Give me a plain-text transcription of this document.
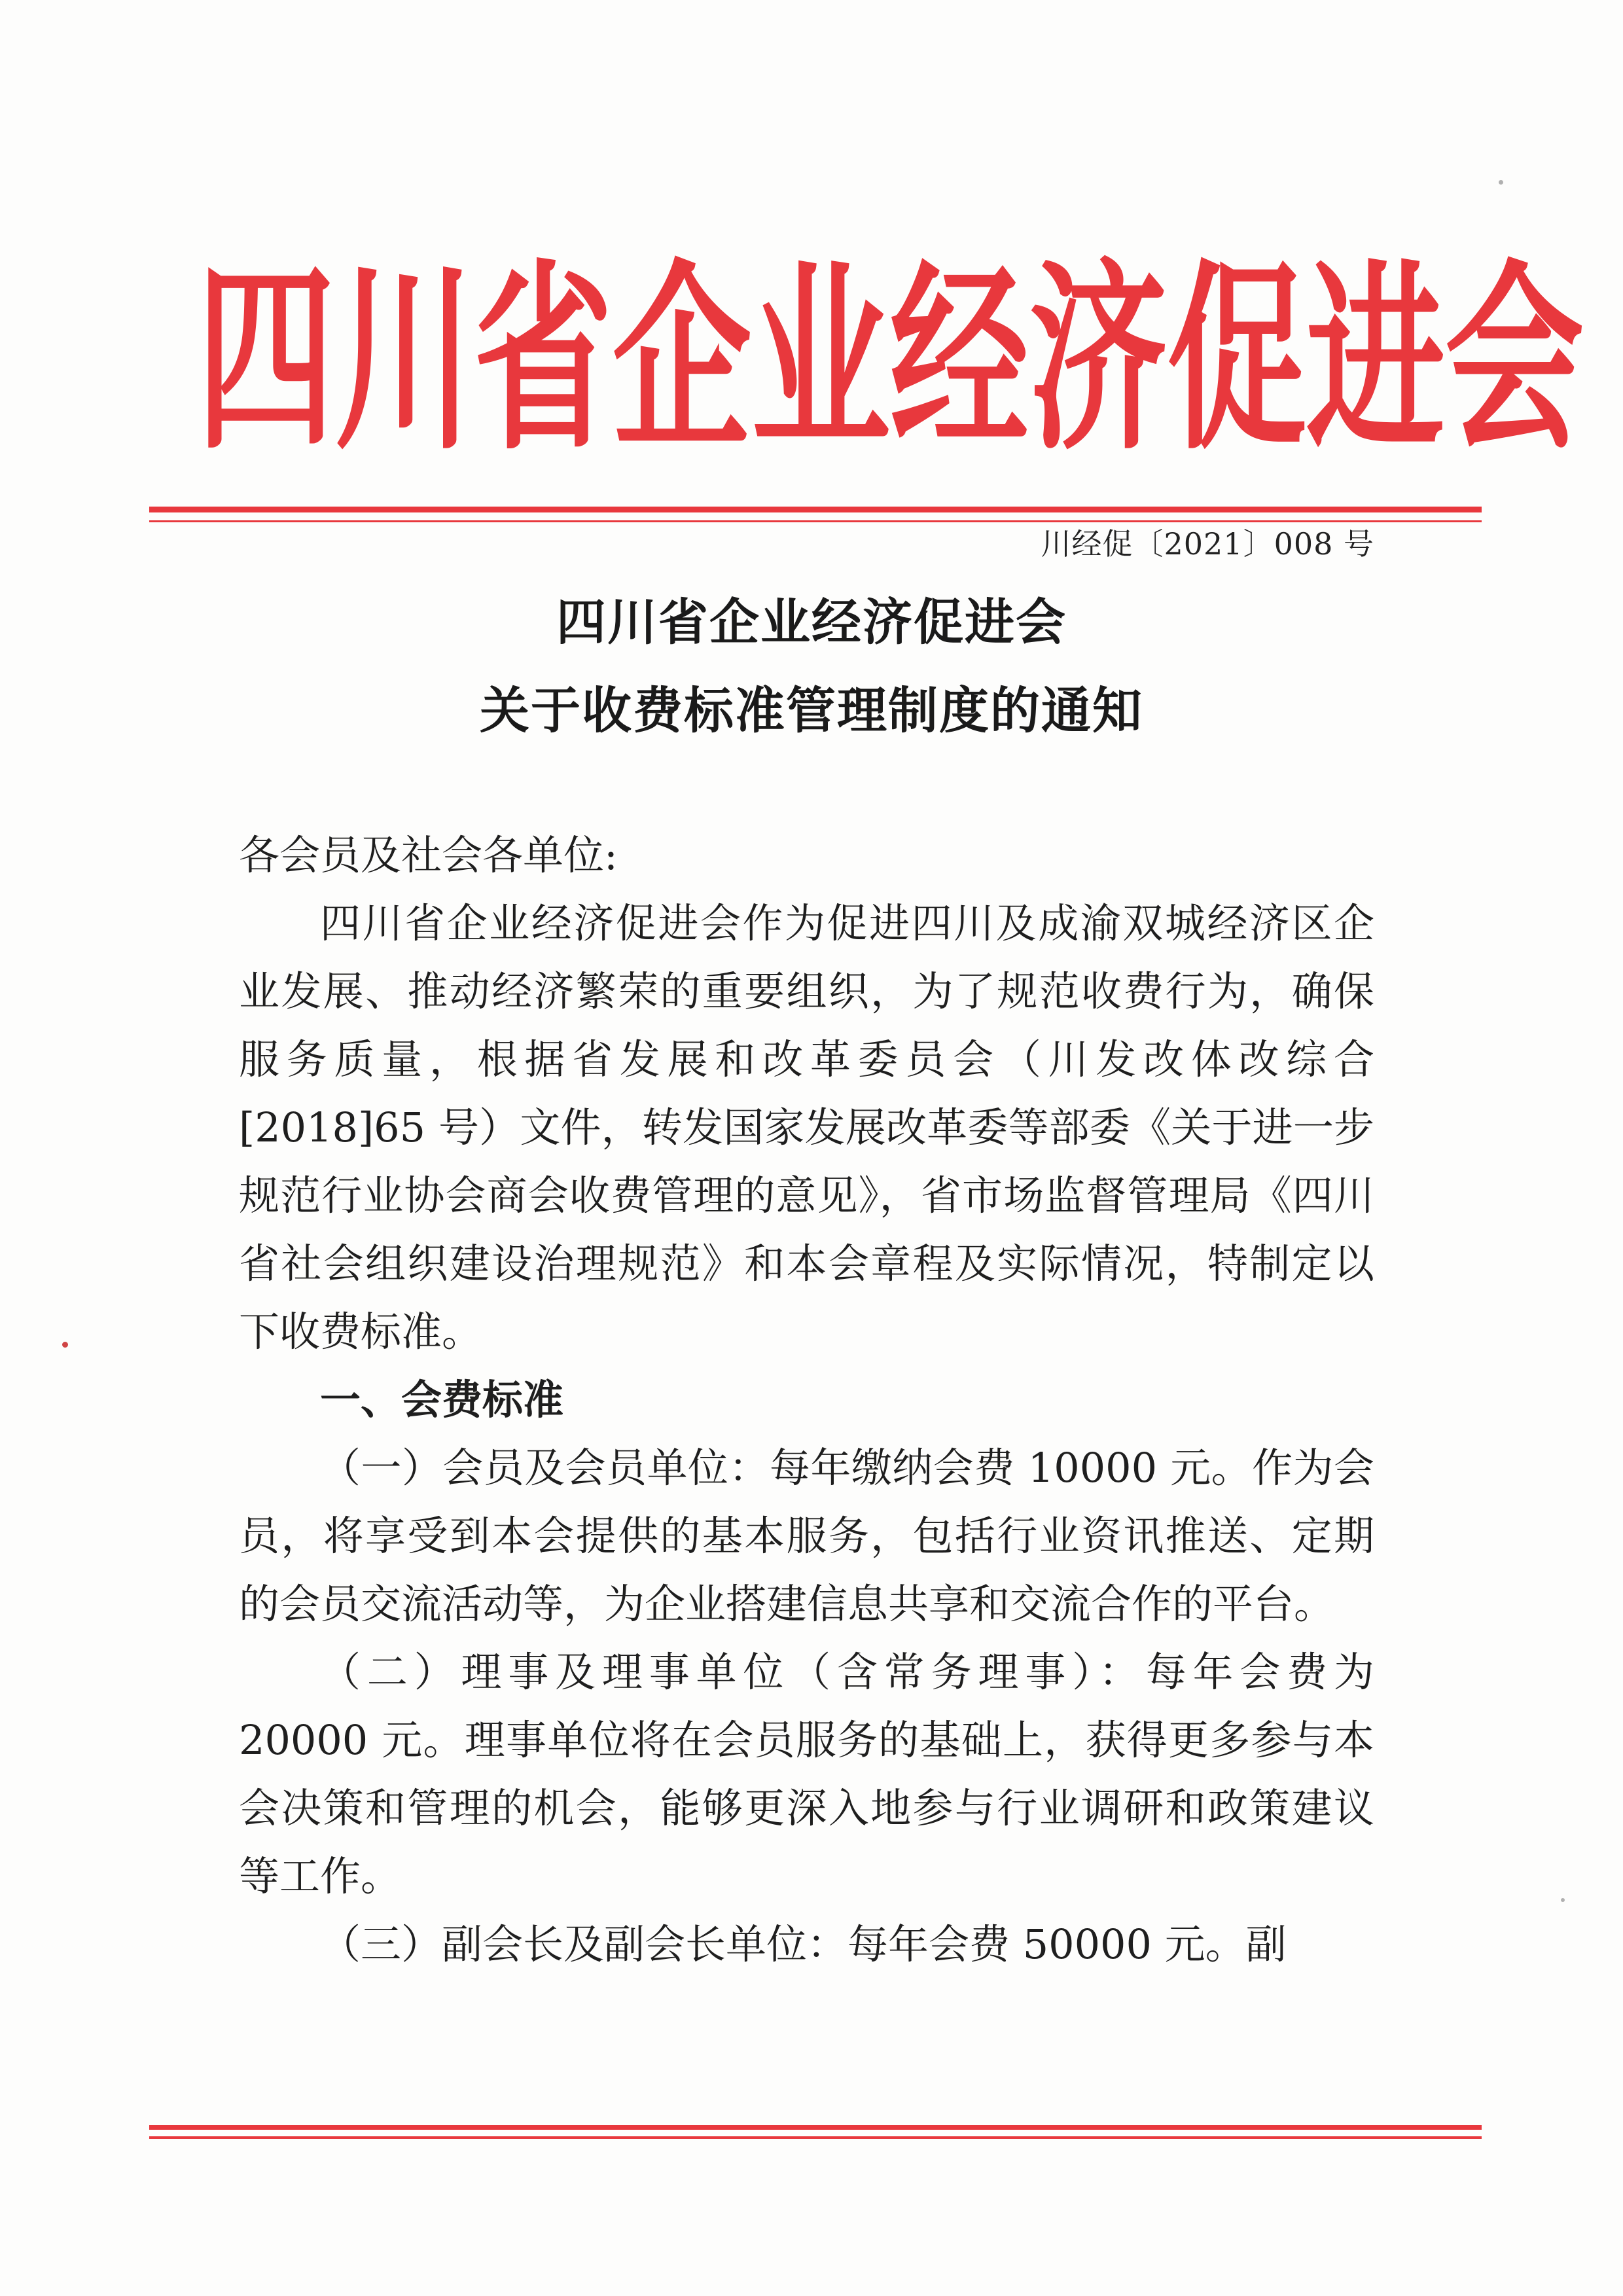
四 川 省 企 业 经 济 促 进 会
川经促〔2021〕008 号
四川省企业经济促进会
关于收费标准管理制度的通知

各会员及社会各单位:

四川省企业经济促进会作为促进四川及成渝双城经济区企业发展、推动经济繁荣的重要组织，为了规范收费行为，确保服务质量，根据省发展和改革委员会（川发改体改综合[2018]65 号）文件，转发国家发展改革委等部委《关于进一步规范行业协会商会收费管理的意见》，省市场监督管理局《四川省社会组织建设治理规范》和本会章程及实际情况，特制定以下收费标准。

一、会费标准

（一）会员及会员单位：每年缴纳会费 10000 元。作为会员，将享受到本会提供的基本服务，包括行业资讯推送、定期的会员交流活动等，为企业搭建信息共享和交流合作的平台。

（二）理事及理事单位（含常务理事）：每年会费为 20000 元。理事单位将在会员服务的基础上，获得更多参与本会决策和管理的机会，能够更深入地参与行业调研和政策建议等工作。

（三）副会长及副会长单位：每年会费 50000 元。副
